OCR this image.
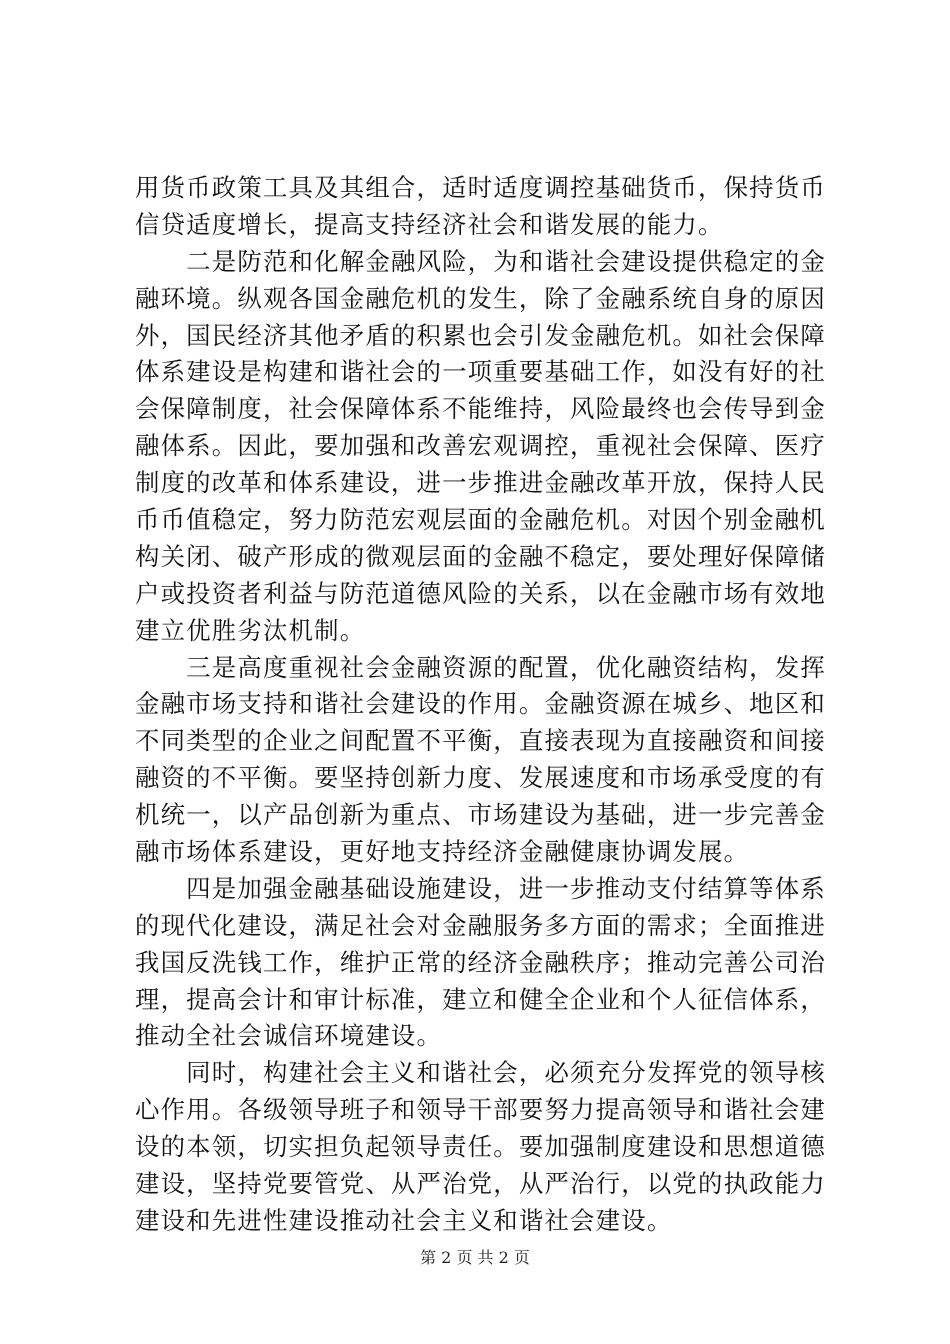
用货币政策工具及其组合，适时适度调控基础货币，保持货币
信贷适度增长，提高支持经济社会和谐发展的能力。
　　二是防范和化解金融风险，为和谐社会建设提供稳定的金
融环境。纵观各国金融危机的发生，除了金融系统自身的原因
外，国民经济其他矛盾的积累也会引发金融危机。如社会保障
体系建设是构建和谐社会的一项重要基础工作，如没有好的社
会保障制度，社会保障体系不能维持，风险最终也会传导到金
融体系。因此，要加强和改善宏观调控，重视社会保障、医疗
制度的改革和体系建设，进一步推进金融改革开放，保持人民
币币值稳定，努力防范宏观层面的金融危机。对因个别金融机
构关闭、破产形成的微观层面的金融不稳定，要处理好保障储
户或投资者利益与防范道德风险的关系，以在金融市场有效地
建立优胜劣汰机制。
　　三是高度重视社会金融资源的配置，优化融资结构，发挥
金融市场支持和谐社会建设的作用。金融资源在城乡、地区和
不同类型的企业之间配置不平衡，直接表现为直接融资和间接
融资的不平衡。要坚持创新力度、发展速度和市场承受度的有
机统一，以产品创新为重点、市场建设为基础，进一步完善金
融市场体系建设，更好地支持经济金融健康协调发展。
　　四是加强金融基础设施建设，进一步推动支付结算等体系
的现代化建设，满足社会对金融服务多方面的需求；全面推进
我国反洗钱工作，维护正常的经济金融秩序；推动完善公司治
理，提高会计和审计标准，建立和健全企业和个人征信体系，
推动全社会诚信环境建设。
　　同时，构建社会主义和谐社会，必须充分发挥党的领导核
心作用。各级领导班子和领导干部要努力提高领导和谐社会建
设的本领，切实担负起领导责任。要加强制度建设和思想道德
建设，坚持党要管党、从严治党，从严治行，以党的执政能力
建设和先进性建设推动社会主义和谐社会建设。
第 2 页 共 2 页
